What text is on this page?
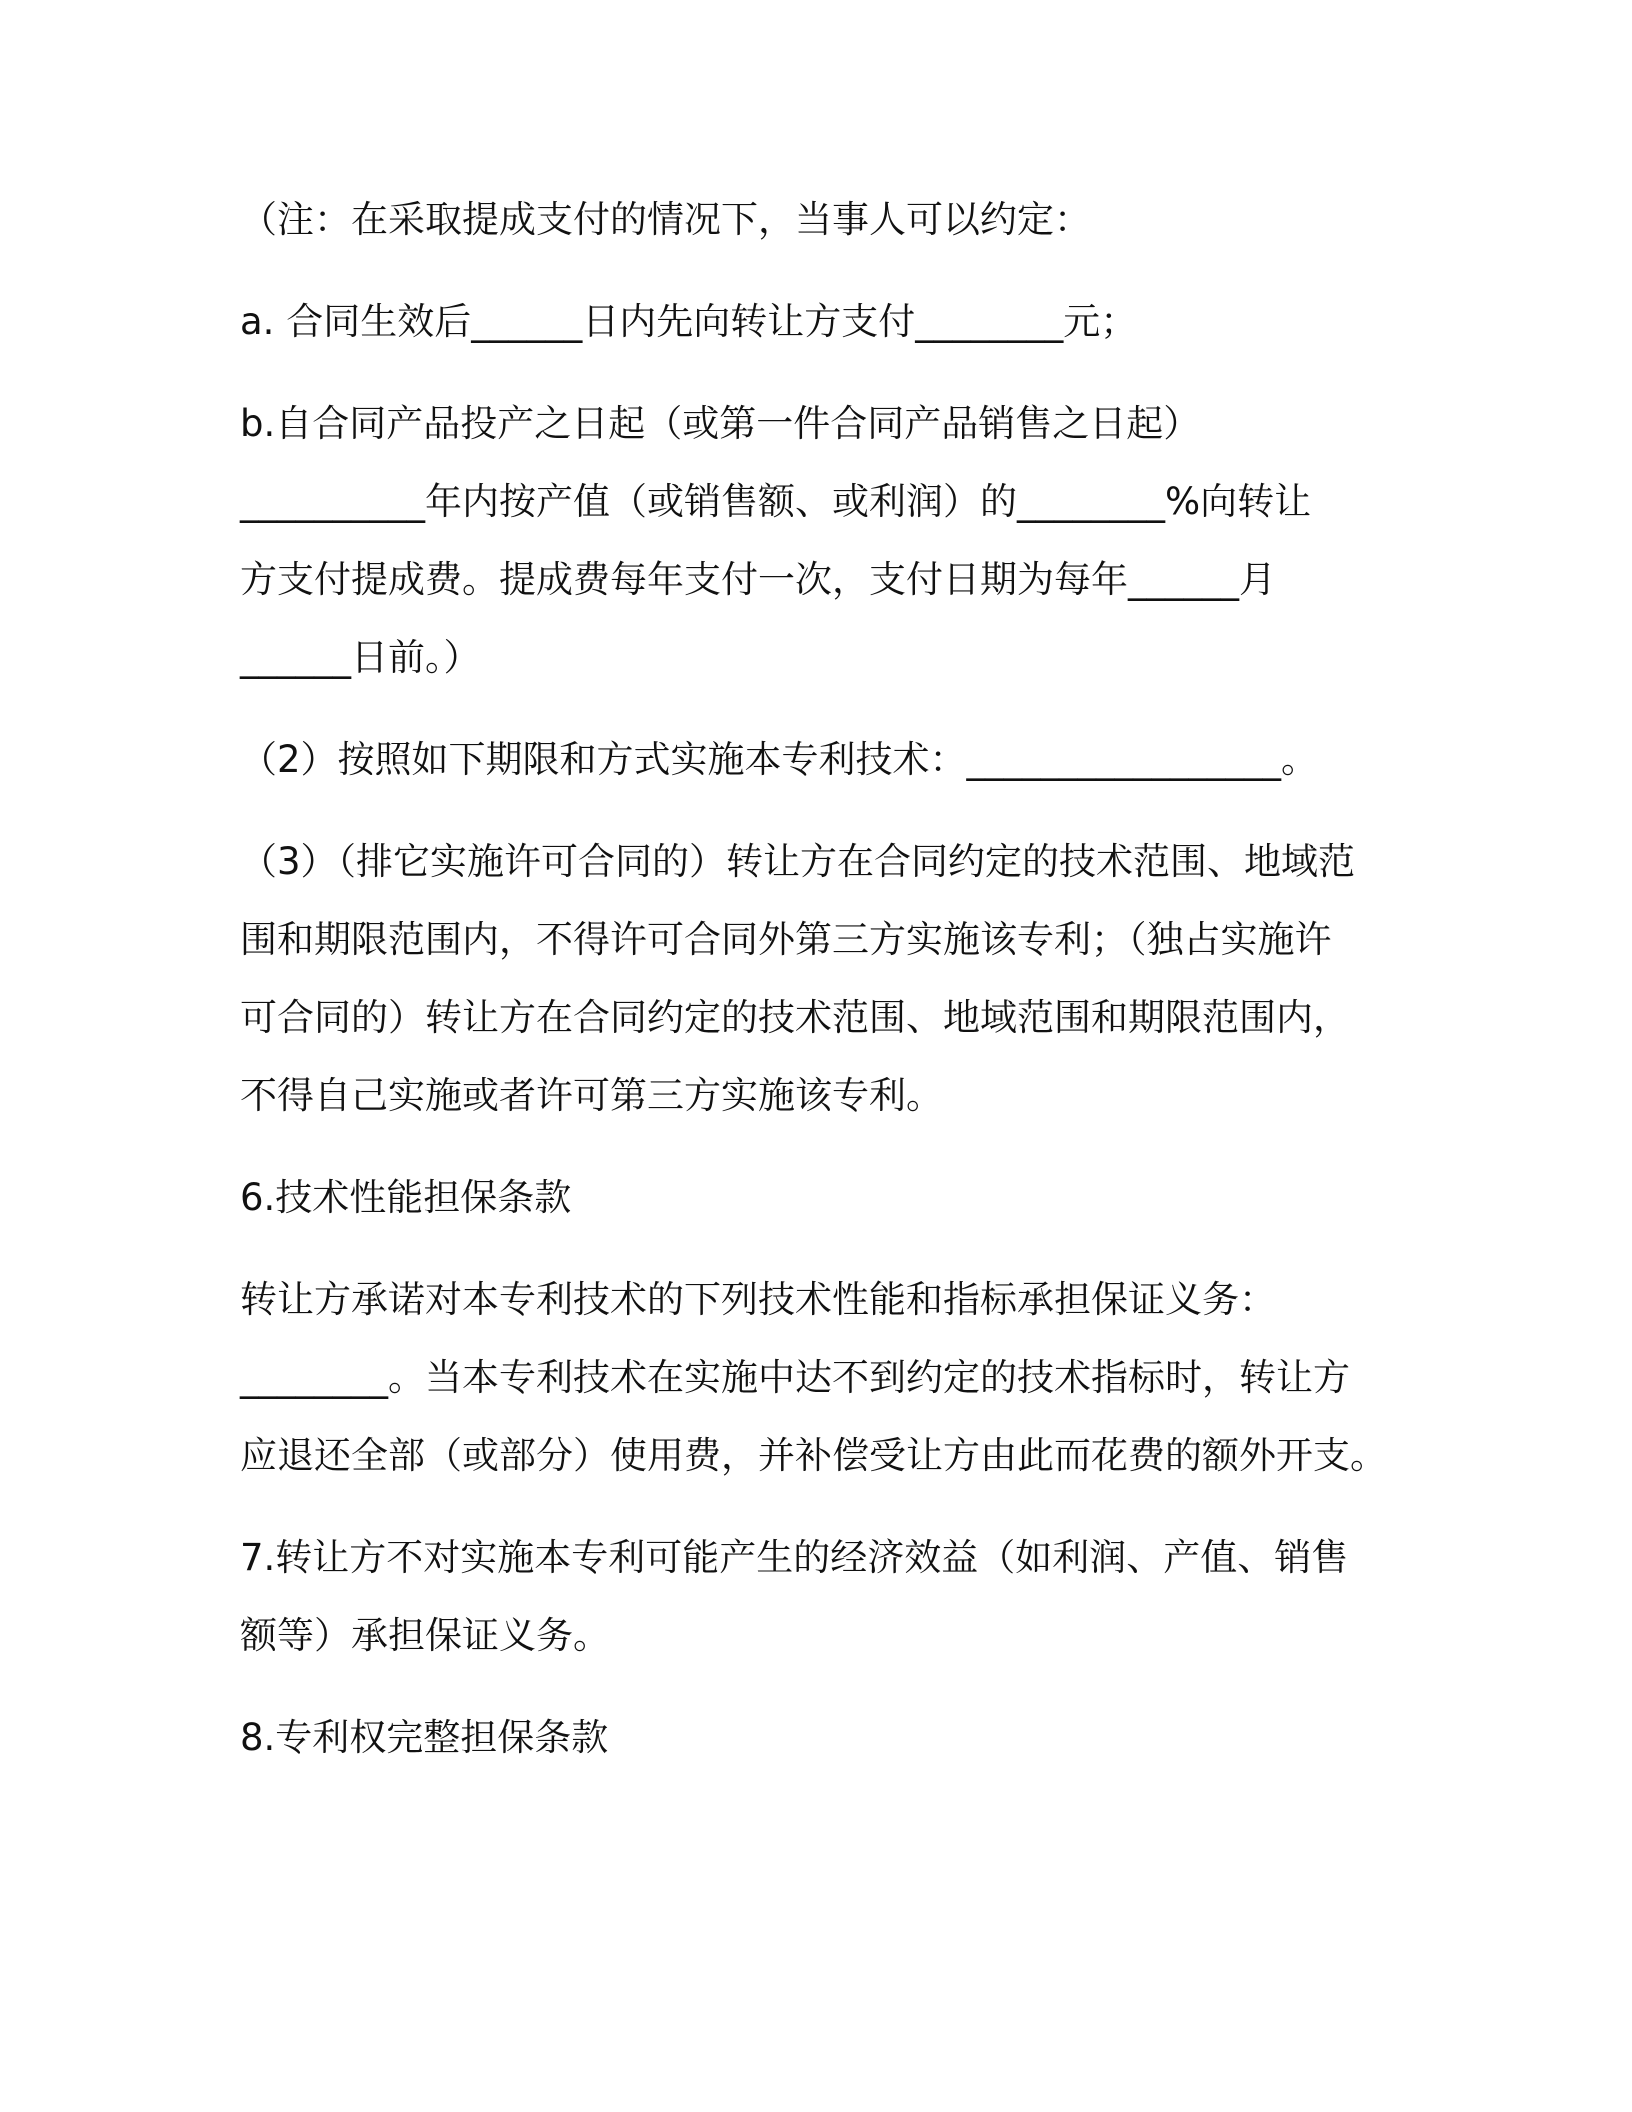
（注：在采取提成支付的情况下，当事人可以约定：
a. 合同生效后______日内先向转让方支付________元；
b.自合同产品投产之日起（或第一件合同产品销售之日起）
__________年内按产值（或销售额、或利润）的________%向转让
方支付提成费。提成费每年支付一次，支付日期为每年______月
______日前。）
（2）按照如下期限和方式实施本专利技术：_________________。
（3）（排它实施许可合同的）转让方在合同约定的技术范围、地域范
围和期限范围内，不得许可合同外第三方实施该专利；（独占实施许
可合同的）转让方在合同约定的技术范围、地域范围和期限范围内，
不得自己实施或者许可第三方实施该专利。
6.技术性能担保条款
转让方承诺对本专利技术的下列技术性能和指标承担保证义务：
________。当本专利技术在实施中达不到约定的技术指标时，转让方
应退还全部（或部分）使用费，并补偿受让方由此而花费的额外开支。
7.转让方不对实施本专利可能产生的经济效益（如利润、产值、销售
额等）承担保证义务。
8.专利权完整担保条款
